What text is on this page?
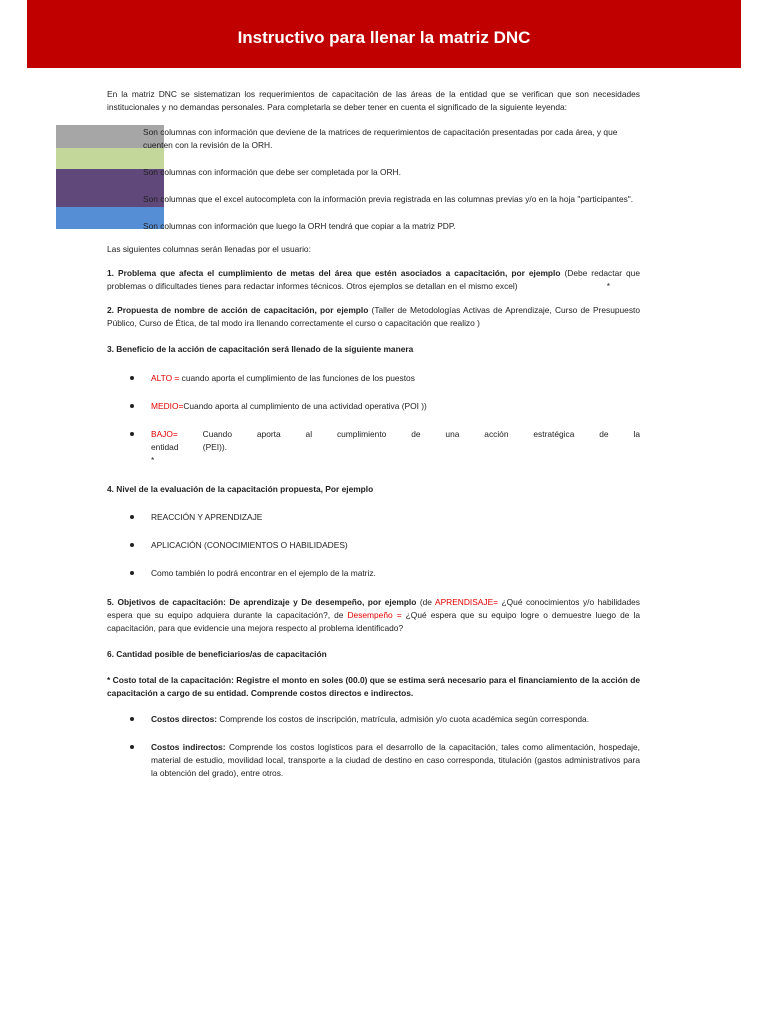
Instructivo para llenar la matriz DNC

En la matriz DNC se sistematizan los requerimientos de capacitación de las áreas de la entidad que se verifican que son necesidades institucionales y no demandas personales. Para completarla se deber tener en cuenta el significado de la siguiente leyenda:

Son columnas con información que deviene de la matrices de requerimientos de capacitación presentadas por cada área, y que cuenten con la revisión de la ORH.

Son columnas con información que debe ser completada por la ORH.

Son columnas que el excel autocompleta con la información previa registrada en las columnas previas y/o en la hoja "participantes".

Son columnas con información que luego la ORH tendrá que copiar a la matriz PDP.

Las siguientes columnas serán llenadas por el usuario:

1. Problema que afecta el cumplimiento de metas del área que estén asociados a capacitación, por ejemplo (Debe redactar que problemas o dificultades tienes para redactar informes técnicos. Otros ejemplos se detallan en el mismo excel)	*

2. Propuesta de nombre de acción de capacitación, por ejemplo (Taller de Metodologías Activas de Aprendizaje, Curso de Presupuesto Público, Curso de Ética, de tal modo ira llenando correctamente el curso o capacitación que realizo )

3. Beneficio de la acción de capacitación será llenado de la siguiente manera

ALTO = cuando aporta el cumplimiento de las funciones de los puestos
MEDIO=Cuando aporta al cumplimiento de una actividad operativa (POI ))
BAJO= Cuando aporta al cumplimiento de una acción estratégica de la entidad (PEI)).
*

4. Nivel de la evaluación de la capacitación propuesta, Por ejemplo

REACCIÓN Y APRENDIZAJE
APLICACIÓN (CONOCIMIENTOS O HABILIDADES)
Como también lo podrá encontrar en el ejemplo de la matriz.

5. Objetivos de capacitación: De aprendizaje y De desempeño, por ejemplo (de APRENDISAJE= ¿Qué conocimientos y/o habilidades espera que su equipo adquiera durante la capacitación?, de Desempeño = ¿Qué espera que su equipo logre o demuestre luego de la capacitación, para que evidencie una mejora respecto al problema identificado?

6. Cantidad posible de beneficiarios/as de capacitación

* Costo total de la capacitación: Registre el monto en soles (00.0) que se estima será necesario para el financiamiento de la acción de capacitación a cargo de su entidad. Comprende costos directos e indirectos.

Costos directos: Comprende los costos de inscripción, matrícula, admisión y/o cuota académica según corresponda.
Costos indirectos: Comprende los costos logísticos para el desarrollo de la capacitación, tales como alimentación, hospedaje, material de estudio, movilidad local, transporte a la ciudad de destino en caso corresponda, titulación (gastos administrativos para la obtención del grado), entre otros.
